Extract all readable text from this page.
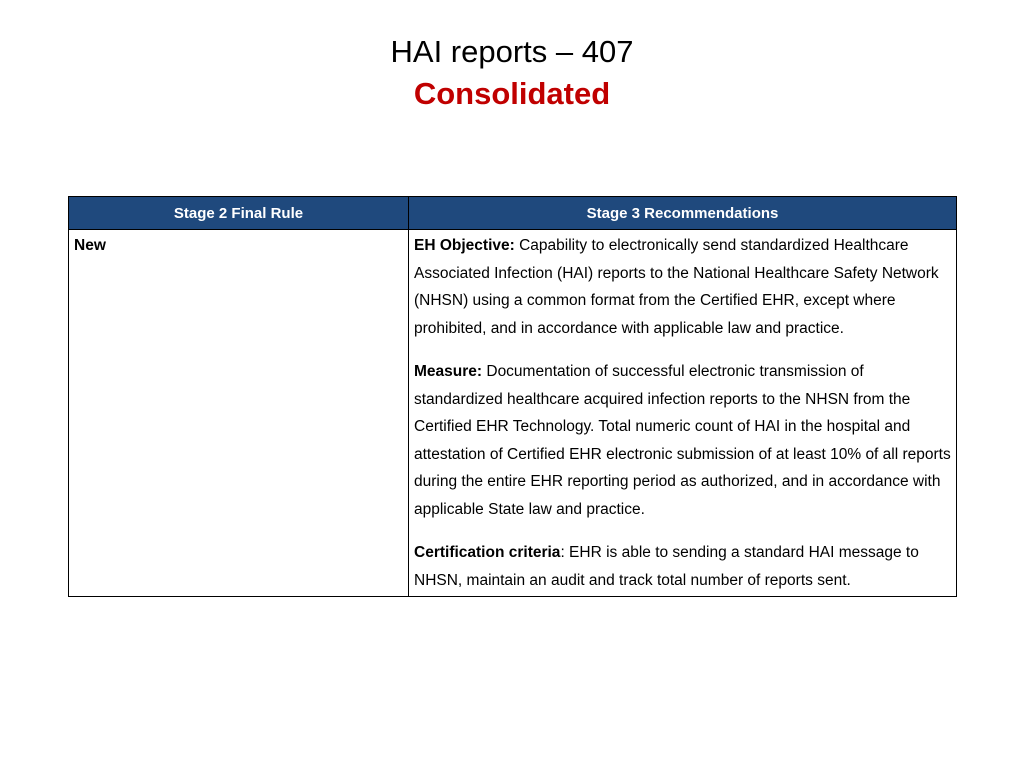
HAI reports – 407
Consolidated
Stage 2 Final Rule	Stage 3 Recommendations
New	EH Objective: Capability to electronically send standardized Healthcare Associated Infection (HAI) reports to the National Healthcare Safety Network (NHSN) using a common format from the Certified EHR, except where prohibited, and in accordance with applicable law and practice.

Measure: Documentation of successful electronic transmission of standardized healthcare acquired infection reports to the NHSN from the Certified EHR Technology. Total numeric count of HAI in the hospital and attestation of Certified EHR electronic submission of at least 10% of all reports during the entire EHR reporting period as authorized, and in accordance with applicable State law and practice.

Certification criteria: EHR is able to sending a standard HAI message to NHSN, maintain an audit and track total number of reports sent.
